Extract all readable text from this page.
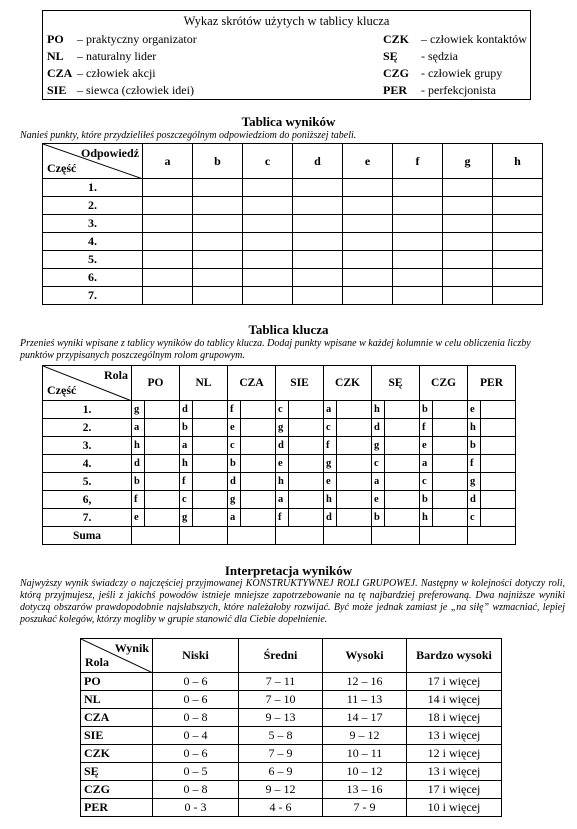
Wykaz skrótów użytych w tablicy klucza
PO – praktyczny organizator
NL – naturalny lider
CZA – człowiek akcji
SIE – siewca (człowiek idei)
CZK – człowiek kontaktów
SĘ - sędzia
CZG - człowiek grupy
PER - perfekcjonista
Tablica wyników
Nanieś punkty, które przydzieliłeś poszczególnym odpowiedziom do poniższej tabeli.
Odpowiedź
Część	a	b	c	d	e	f	g	h
1.								
2.								
3.								
4.								
5.								
6.								
7.								
Tablica klucza
Przenieś wyniki wpisane z tablicy wyników do tablicy klucza. Dodaj punkty wpisane w każdej kolumnie w celu obliczenia liczby punktów przypisanych poszczególnym rolom grupowym.
Rola
Część	PO		NL		CZA		SIE		CZK		SĘ		CZG		PER	
1.	g		d		f		c		a		h		b		e	
2.	a		b		e		g		c		d		f		h	
3.	h		a		c		d		f		g		e		b	
4.	d		h		b		e		g		c		a		f	
5.	b		f		d		h		e		a		c		g	
6,	f		c		g		a		h		e		b		d	
7.	e		g		a		f		d		b		h		c	
Suma																
Interpretacja wyników
Najwyższy wynik świadczy o najczęściej przyjmowanej KONSTRUKTYWNEJ ROLI GRUPOWEJ. Następny w kolejności dotyczy roli, którą przyjmujesz, jeśli z jakichś powodów istnieje mniejsze zapotrzebowanie na tę najbardziej preferowaną. Dwa najniższe wyniki dotyczą obszarów prawdopodobnie najsłabszych, które należałoby rozwijać. Być może jednak zamiast je „na siłę” wzmacniać, lepiej poszukać kolegów, którzy mogliby w grupie stanowić dla Ciebie dopełnienie.
Wynik
Rola	Niski	Średni	Wysoki	Bardzo wysoki
PO	0 – 6	7 – 11	12 – 16	17 i więcej
NL	0 – 6	7 – 10	11 – 13	14 i więcej
CZA	0 – 8	9 – 13	14 – 17	18 i więcej
SIE	0 – 4	5 – 8	9 – 12	13 i więcej
CZK	0 – 6	7 – 9	10 – 11	12 i więcej
SĘ	0 – 5	6 – 9	10 – 12	13 i więcej
CZG	0 – 8	9 – 12	13 – 16	17 i więcej
PER	0 - 3	4 - 6	7 - 9	10 i więcej
